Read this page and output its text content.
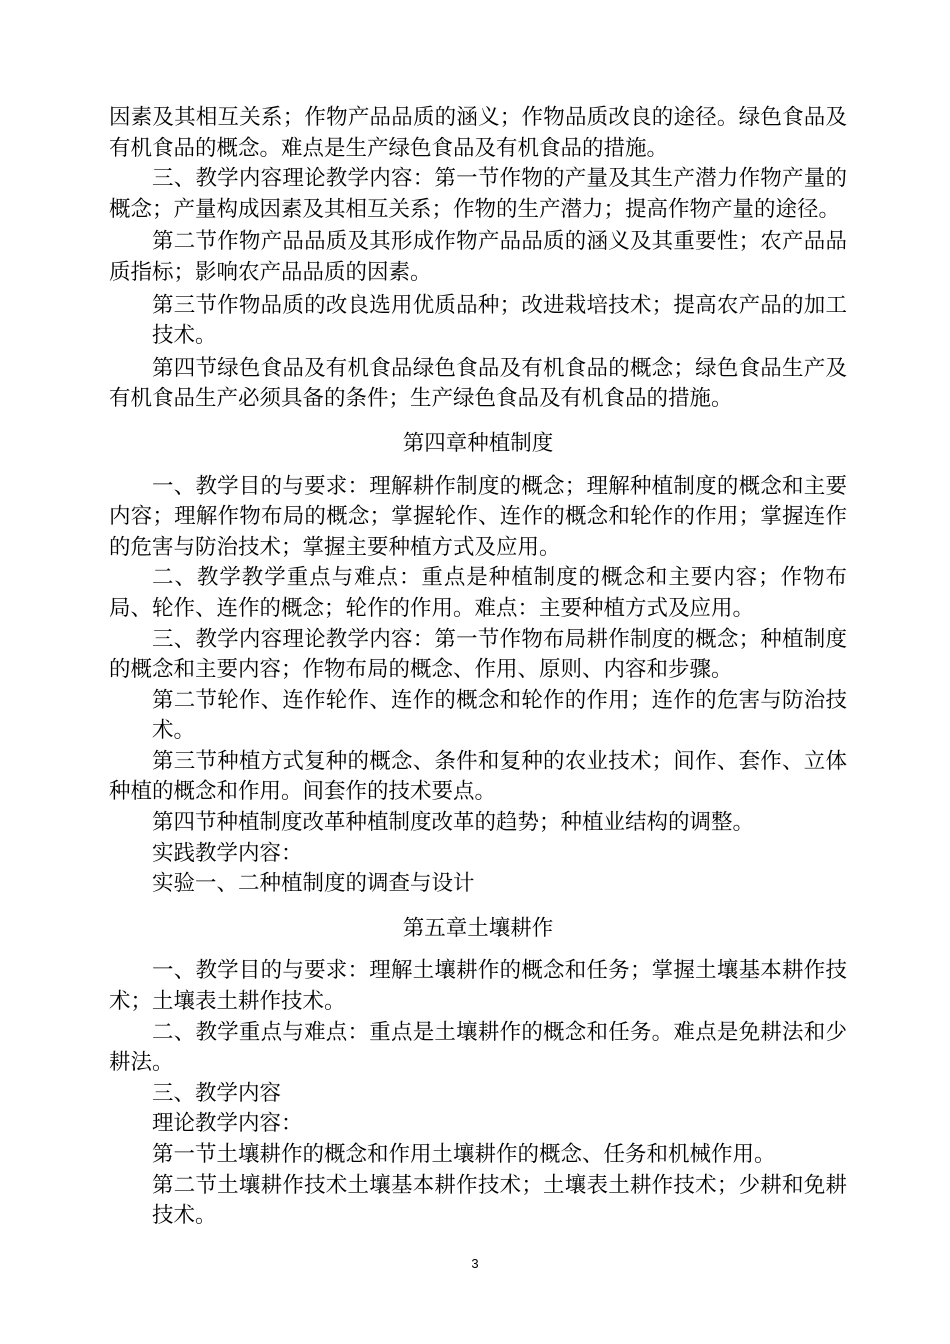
因素及其相互关系；作物产品品质的涵义；作物品质改良的途径。绿色食品及有机食品的概念。难点是生产绿色食品及有机食品的措施。

三、教学内容理论教学内容：第一节作物的产量及其生产潜力作物产量的概念；产量构成因素及其相互关系；作物的生产潜力；提高作物产量的途径。

第二节作物产品品质及其形成作物产品品质的涵义及其重要性；农产品品质指标；影响农产品品质的因素。

第三节作物品质的改良选用优质品种；改进栽培技术；提高农产品的加工技术。

第四节绿色食品及有机食品绿色食品及有机食品的概念；绿色食品生产及有机食品生产必须具备的条件；生产绿色食品及有机食品的措施。

第四章种植制度

一、教学目的与要求：理解耕作制度的概念；理解种植制度的概念和主要内容；理解作物布局的概念；掌握轮作、连作的概念和轮作的作用；掌握连作的危害与防治技术；掌握主要种植方式及应用。

二、教学教学重点与难点：重点是种植制度的概念和主要内容；作物布局、轮作、连作的概念；轮作的作用。难点：主要种植方式及应用。

三、教学内容理论教学内容：第一节作物布局耕作制度的概念；种植制度的概念和主要内容；作物布局的概念、作用、原则、内容和步骤。

第二节轮作、连作轮作、连作的概念和轮作的作用；连作的危害与防治技术。

第三节种植方式复种的概念、条件和复种的农业技术；间作、套作、立体种植的概念和作用。间套作的技术要点。

第四节种植制度改革种植制度改革的趋势；种植业结构的调整。

实践教学内容：

实验一、二种植制度的调查与设计

第五章土壤耕作

一、教学目的与要求：理解土壤耕作的概念和任务；掌握土壤基本耕作技术；土壤表土耕作技术。

二、教学重点与难点：重点是土壤耕作的概念和任务。难点是免耕法和少耕法。

三、教学内容

理论教学内容：

第一节土壤耕作的概念和作用土壤耕作的概念、任务和机械作用。

第二节土壤耕作技术土壤基本耕作技术；土壤表土耕作技术；少耕和免耕技术。

3
